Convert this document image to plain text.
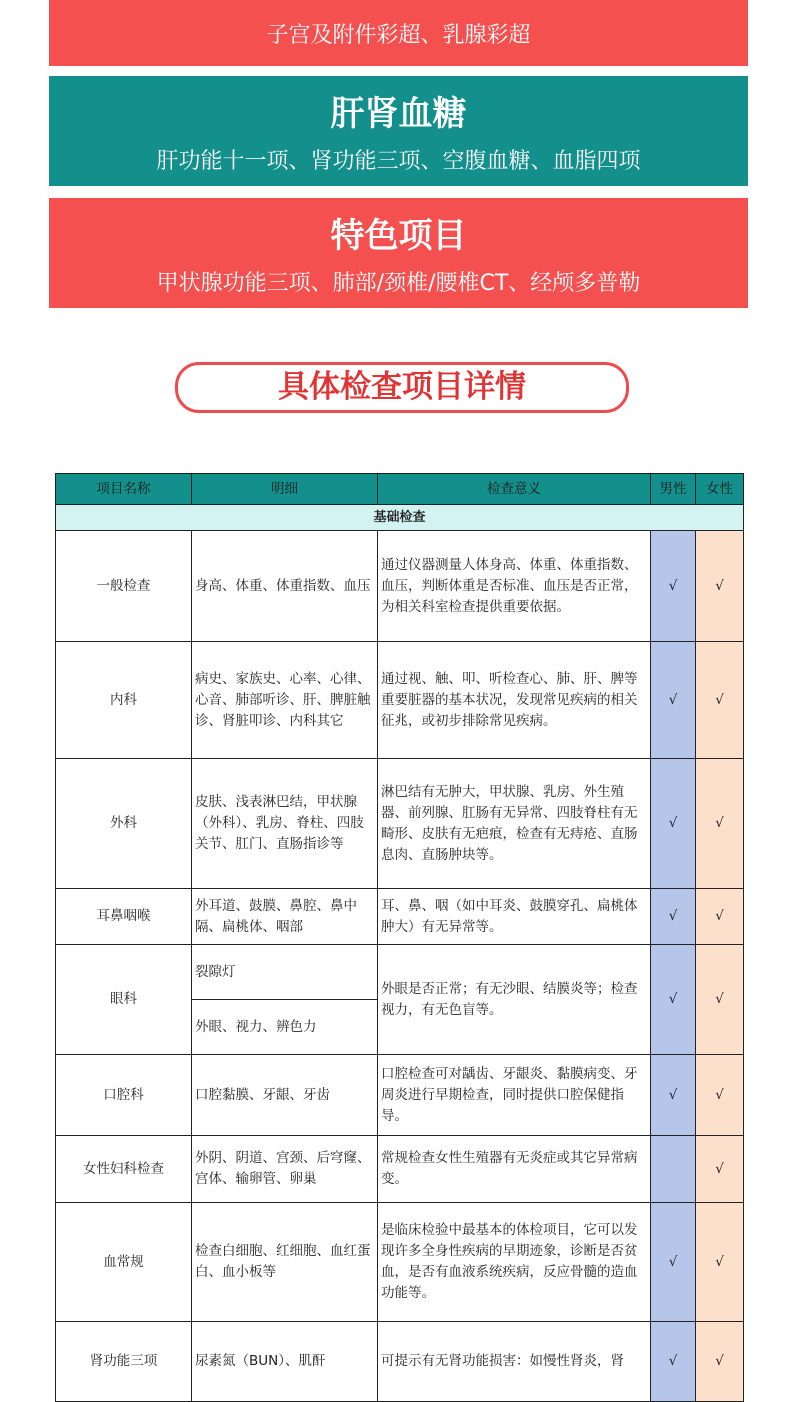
子宫及附件彩超、乳腺彩超
肝肾血糖
肝功能十一项、肾功能三项、空腹血糖、血脂四项
特色项目
甲状腺功能三项、肺部/颈椎/腰椎CT、经颅多普勒
具体检查项目详情
项目名称	明细	检查意义	男性	女性
基础检查				
一般检查	身高、体重、体重指数、血压	通过仪器测量人体身高、体重、体重指数、血压，判断体重是否标准、血压是否正常，为相关科室检查提供重要依据。	√	√
内科	病史、家族史、心率、心律、心音、肺部听诊、肝、脾脏触诊、肾脏叩诊、内科其它	通过视、触、叩、听检查心、肺、肝、脾等重要脏器的基本状况，发现常见疾病的相关征兆，或初步排除常见疾病。	√	√
外科	皮肤、浅表淋巴结，甲状腺（外科）、乳房、脊柱、四肢关节、肛门、直肠指诊等	淋巴结有无肿大，甲状腺、乳房、外生殖器、前列腺、肛肠有无异常、四肢脊柱有无畸形、皮肤有无疤痕，检查有无痔疮、直肠息肉、直肠肿块等。	√	√
耳鼻咽喉	外耳道、鼓膜、鼻腔、鼻中隔、扁桃体、咽部	耳、鼻、咽（如中耳炎、鼓膜穿孔、扁桃体肿大）有无异常等。	√	√
眼科	裂隙灯	外眼是否正常；有无沙眼、结膜炎等；检查视力，有无色盲等。	√	√
	外眼、视力、辨色力			
口腔科	口腔黏膜、牙龈、牙齿	口腔检查可对龋齿、牙龈炎、黏膜病变、牙周炎进行早期检查，同时提供口腔保健指导。	√	√
女性妇科检查	外阴、阴道、宫颈、后穹窿、宫体、输卵管、卵巢	常规检查女性生殖器有无炎症或其它异常病变。		√
血常规	检查白细胞、红细胞、血红蛋白、血小板等	是临床检验中最基本的体检项目，它可以发现许多全身性疾病的早期迹象，诊断是否贫血，是否有血液系统疾病，反应骨髓的造血功能等。	√	√
肾功能三项	尿素氮（BUN）、肌酐	可提示有无肾功能损害：如慢性肾炎，肾	√	√
